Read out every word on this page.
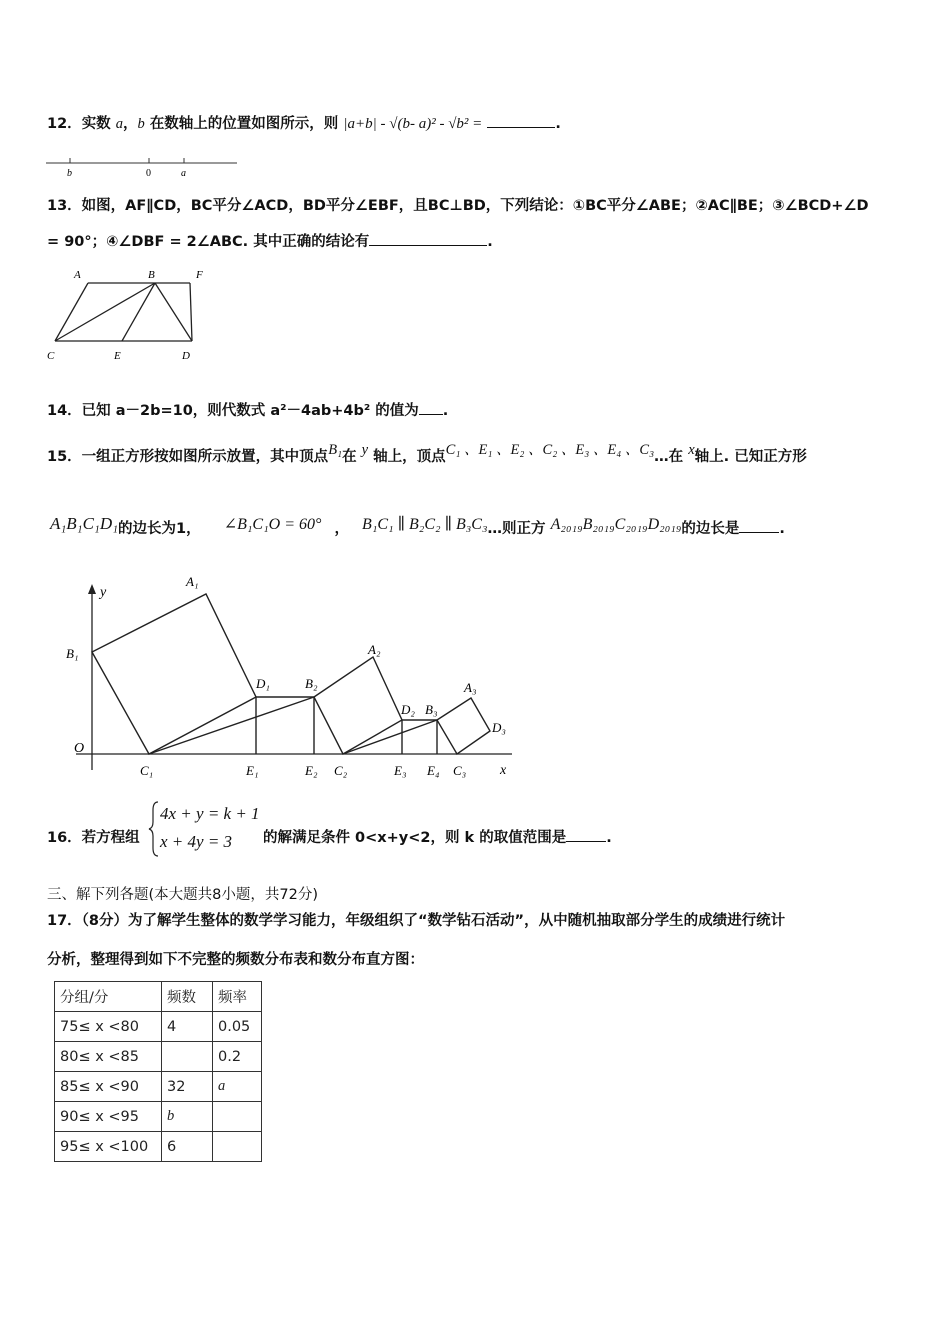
12．实数 a，b 在数轴上的位置如图所示，则 |a+b| - √(b- a)² - √b² =	.
b	0	a
13．如图，AF∥CD，BC平分∠ACD，BD平分∠EBF，且BC⊥BD，下列结论：①BC平分∠ABE；②AC∥BE；③∠BCD+∠D
= 90°；④∠DBF = 2∠ABC. 其中正确的结论有	.
A	B	F
C	E	D
14．已知 a－2b=10，则代数式 a²－4ab+4b² 的值为 .
15．一组正方形按如图所示放置，其中顶点B₁在 y 轴上，顶点C₁ 、E₁ 、E₂ 、C₂ 、E₃ 、E₄ 、C₃…在 x轴上. 已知正方形
A₁B₁C₁D₁的边长为1， ∠B₁C₁O = 60° ， B₁C₁ ∥ B₂C₂ ∥ B₃C₃…则正方 A₂₀₁₉B₂₀₁₉C₂₀₁₉D₂₀₁₉的边长是	.
y
x
O
A₁
B₁
C₁
D₁
A₂
B₂
C₂
D₂
A₃
B₃
C₃
D₃
E₁	E₂	E₃ E₄
16．若方程组
4x + y = k + 1
x + 4y = 3 的解满足条件 0<x+y<2，则 k 的取值范围是	.
三、解下列各题(本大题共8小题，共72分)
17．（8分）为了解学生整体的数学学习能力，年级组织了“数学钻石活动”，从中随机抽取部分学生的成绩进行统计
分析，整理得到如下不完整的频数分布表和数分布直方图：
分组/分	频数	频率
75≤ x <80	4	0.05
80≤ x <85		0.2
85≤ x <90	32	a
90≤ x <95	b	
95≤ x <100	6	
